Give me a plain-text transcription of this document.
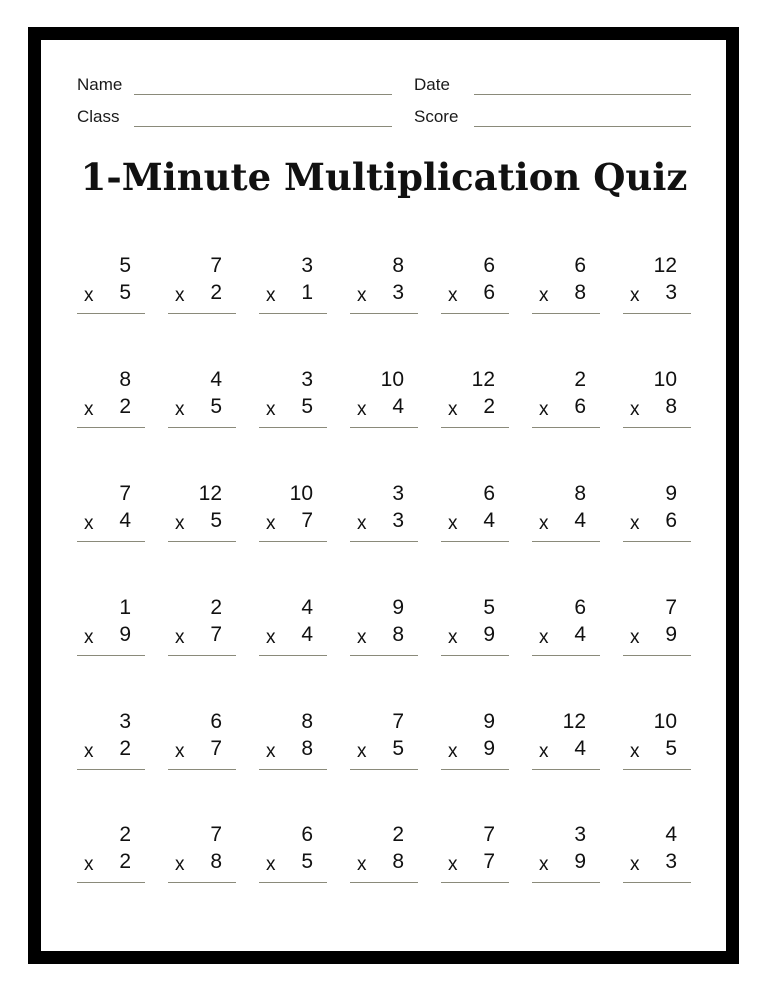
Name	Date
Class	Score
1-Minute Multiplication Quiz
5
x 5
7
x 2
3
x 1
8
x 3
6
x 6
6
x 8
12
x 3
8
x 2
4
x 5
3
x 5
10
x 4
12
x 2
2
x 6
10
x 8
7
x 4
12
x 5
10
x 7
3
x 3
6
x 4
8
x 4
9
x 6
1
x 9
2
x 7
4
x 4
9
x 8
5
x 9
6
x 4
7
x 9
3
x 2
6
x 7
8
x 8
7
x 5
9
x 9
12
x 4
10
x 5
2
x 2
7
x 8
6
x 5
2
x 8
7
x 7
3
x 9
4
x 3
